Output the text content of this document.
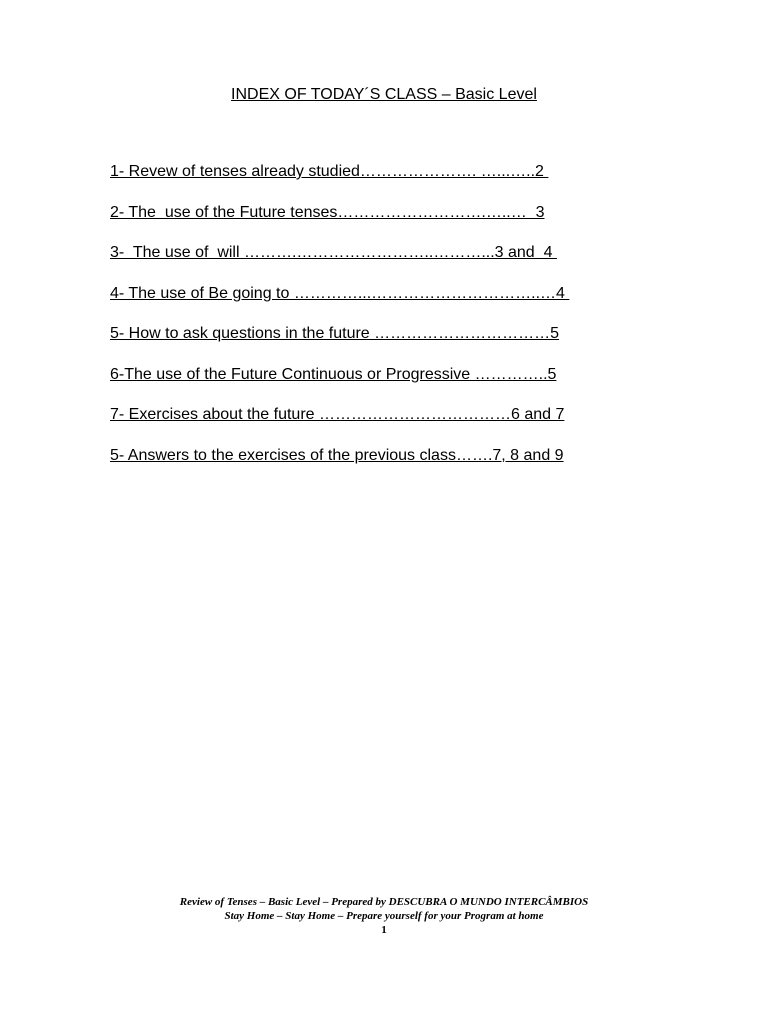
INDEX OF TODAY´S CLASS – Basic Level
1- Revew of tenses already studied…………………. …...…..2
2- The  use of the Future tenses……………………….…..…  3
3-  The use of  will ……….……………………..………...3 and  4
4- The use of Be going to …………...…………………………..…4
5- How to ask questions in the future ……………………………5
6-The use of the Future Continuous or Progressive …………..5
7- Exercises about the future ………………………………6 and 7
5- Answers to the exercises of the previous class…….7, 8 and 9
Review of Tenses – Basic Level – Prepared by DESCUBRA O MUNDO INTERCÂMBIOS
Stay Home – Stay Home – Prepare yourself for your Program at home
1
